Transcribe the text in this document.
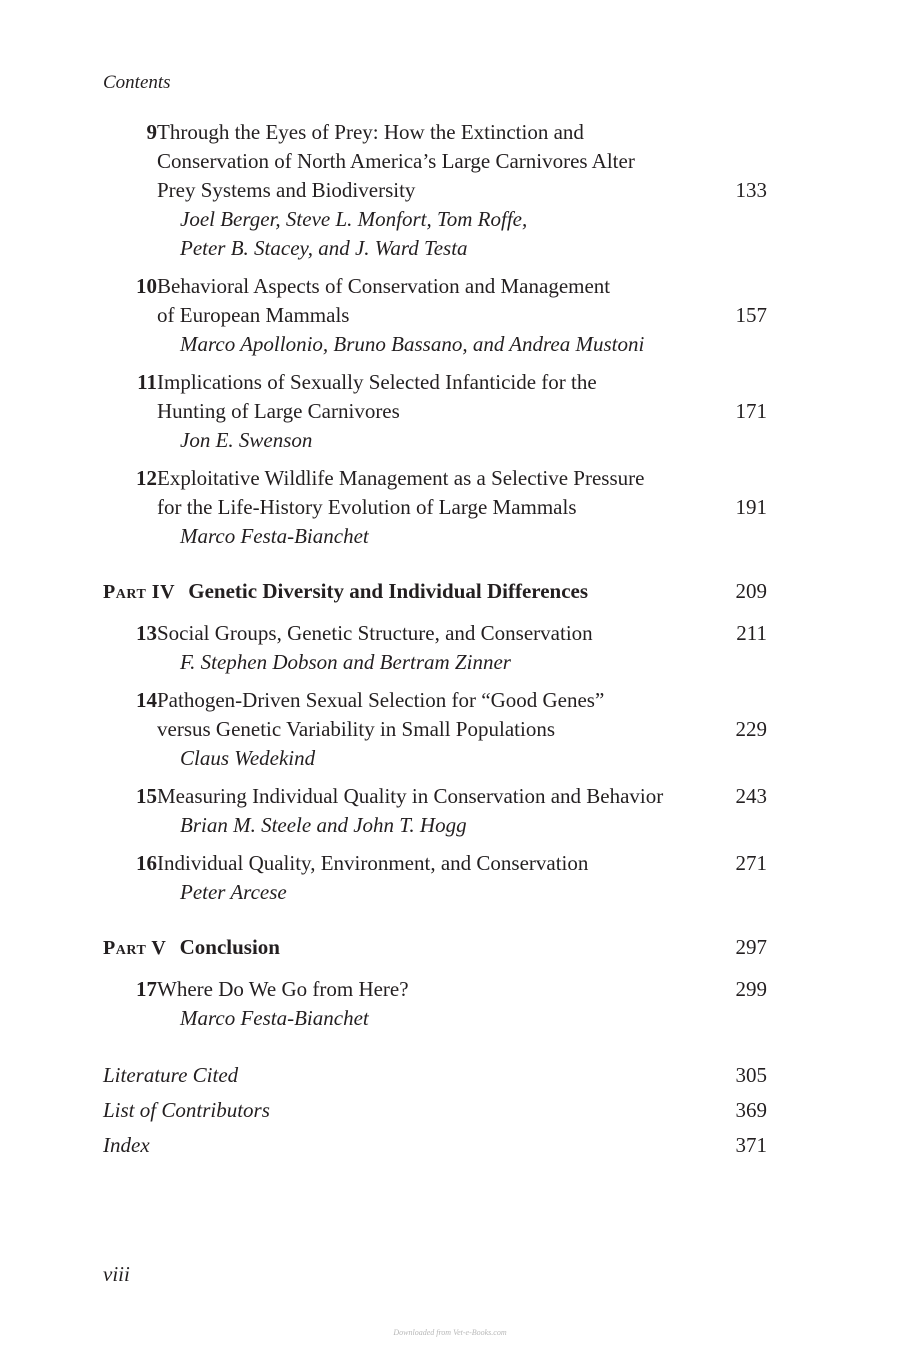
Contents
9 Through the Eyes of Prey: How the Extinction and
Conservation of North America’s Large Carnivores Alter
Prey Systems and Biodiversity	133
Joel Berger, Steve L. Monfort, Tom Roffe,
Peter B. Stacey, and J. Ward Testa
10 Behavioral Aspects of Conservation and Management
of European Mammals	157
Marco Apollonio, Bruno Bassano, and Andrea Mustoni
11 Implications of Sexually Selected Infanticide for the
Hunting of Large Carnivores	171
Jon E. Swenson
12 Exploitative Wildlife Management as a Selective Pressure
for the Life-History Evolution of Large Mammals	191
Marco Festa-Bianchet
Part IV Genetic Diversity and Individual Differences	209
13 Social Groups, Genetic Structure, and Conservation	211
F. Stephen Dobson and Bertram Zinner
14 Pathogen-Driven Sexual Selection for “Good Genes”
versus Genetic Variability in Small Populations	229
Claus Wedekind
15 Measuring Individual Quality in Conservation and Behavior	243
Brian M. Steele and John T. Hogg
16 Individual Quality, Environment, and Conservation	271
Peter Arcese
Part V Conclusion	297
17 Where Do We Go from Here?	299
Marco Festa-Bianchet
Literature Cited	305
List of Contributors	369
Index	371
viii
Downloaded from Vet-e-Books.com
